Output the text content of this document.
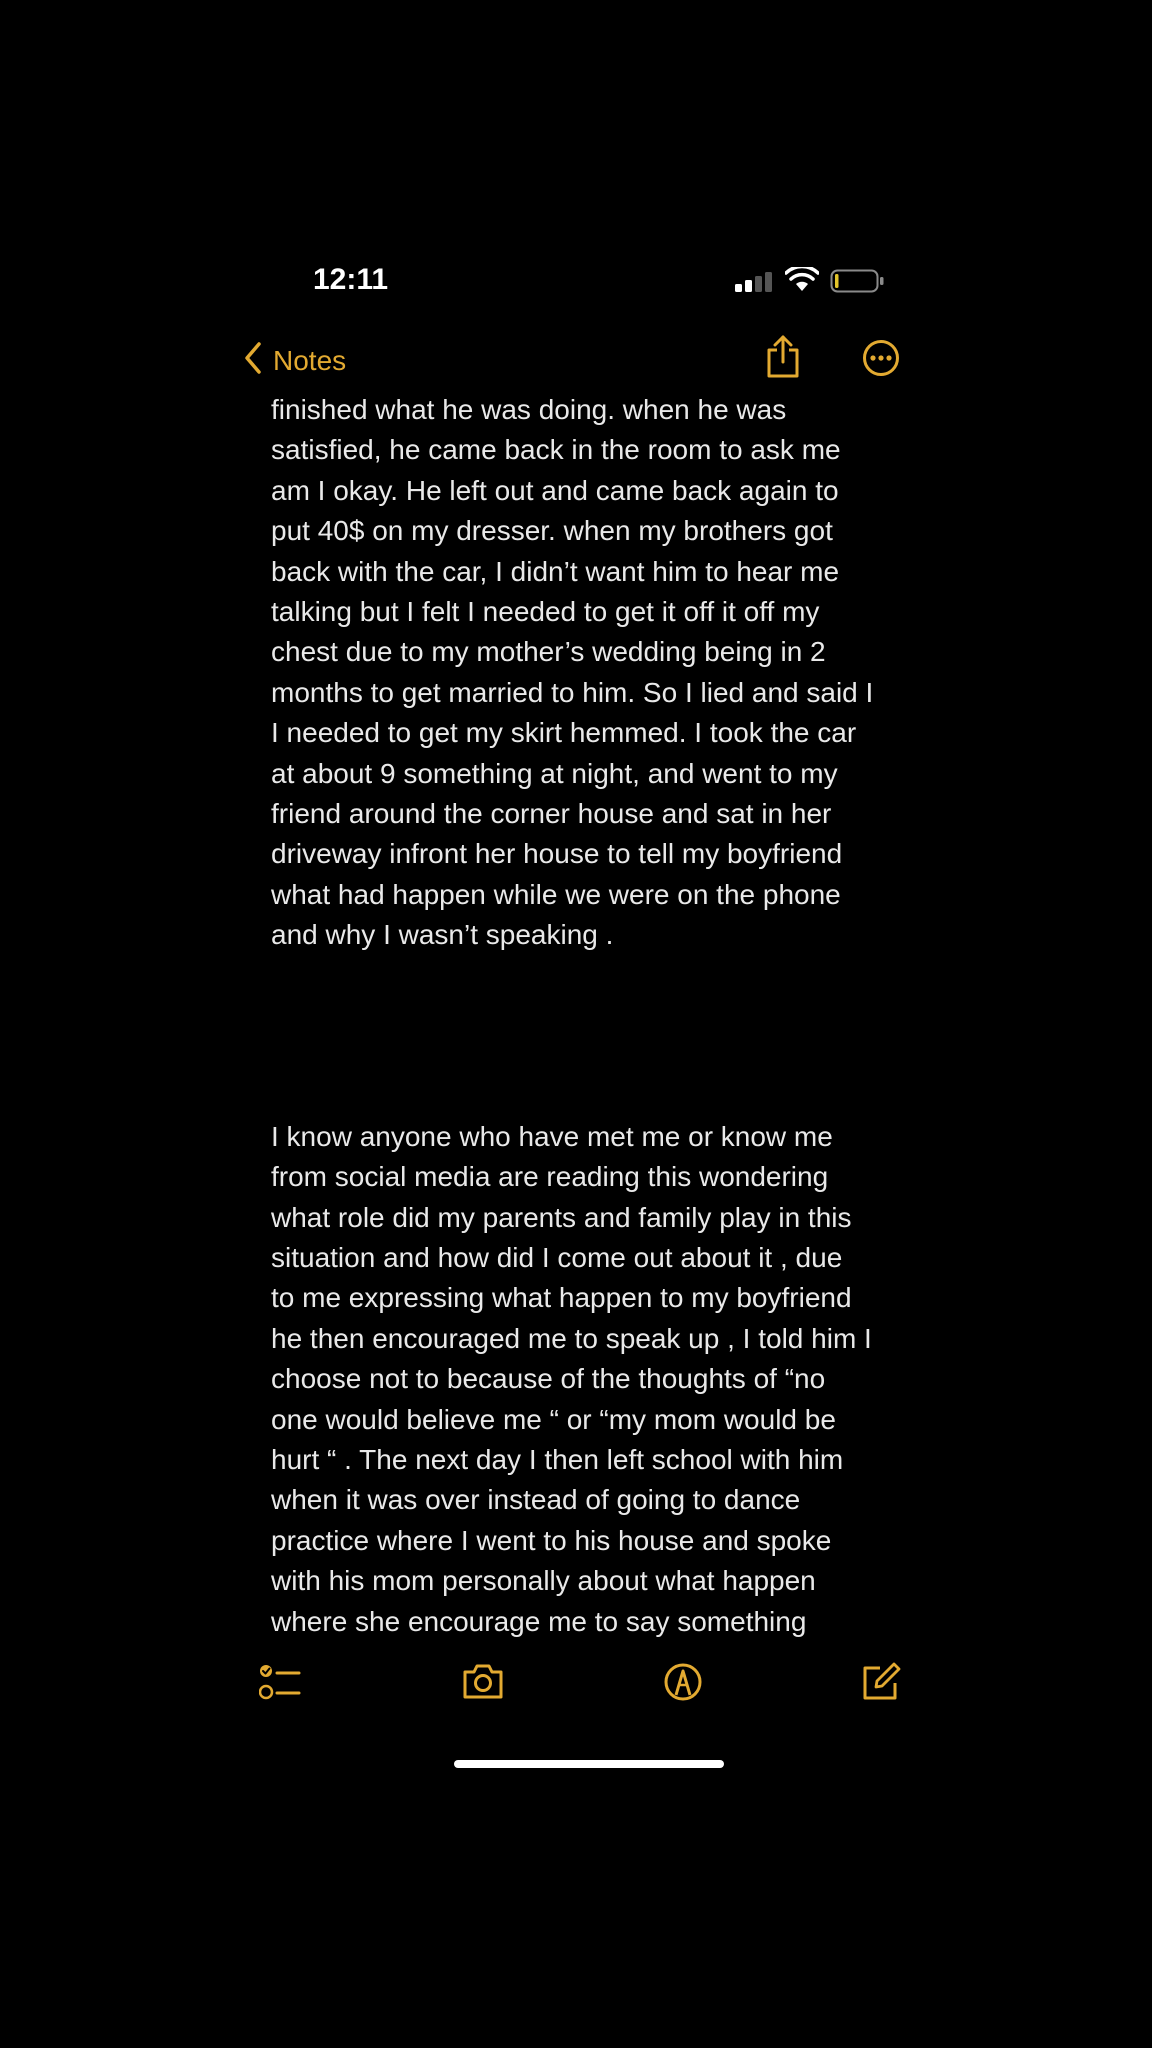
12:11
Notes

finished what he was doing. when he was

satisfied, he came back in the room to ask me

am I okay. He left out and came back again to

put 40$ on my dresser. when my brothers got

back with the car, I didn’t want him to hear me

talking but I felt I needed to get it off it off my

chest due to my mother’s wedding being in 2

months to get married to him. So I lied and said I

I needed to get my skirt hemmed. I took the car

at about 9 something at night, and went to my

friend around the corner house and sat in her

driveway infront her house to tell my boyfriend

what had happen while we were on the phone

and why I wasn’t speaking .

I know anyone who have met me or know me

from social media are reading this wondering

what role did my parents and family play in this

situation and how did I come out about it , due

to me expressing what happen to my boyfriend

he then encouraged me to speak up , I told him I

choose not to because of the thoughts of “no

one would believe me “ or “my mom would be

hurt “ . The next day I then left school with him

when it was over instead of going to dance

practice where I went to his house and spoke

with his mom personally about what happen

where she encourage me to say something
